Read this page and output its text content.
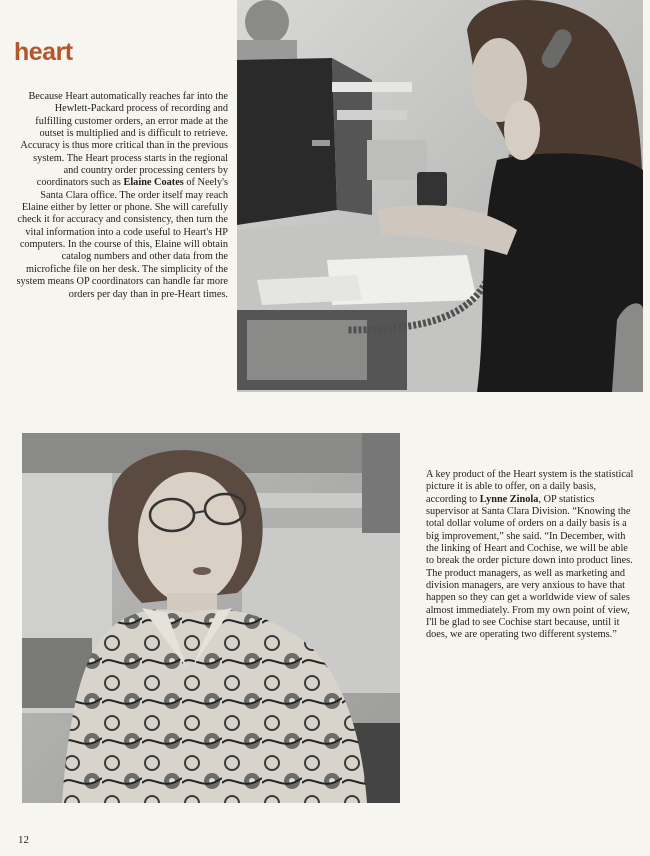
heart

Because Heart automatically reaches far into the Hewlett-Packard process of recording and fulfilling customer orders, an error made at the outset is multiplied and is difficult to retrieve. Accuracy is thus more critical than in the previous system. The Heart process starts in the regional and country order processing centers by coordinators such as Elaine Coates of Neely's Santa Clara office. The order itself may reach Elaine either by letter or phone. She will carefully check it for accuracy and consistency, then turn the vital information into a code useful to Heart's HP computers. In the course of this, Elaine will obtain catalog numbers and other data from the microfiche file on her desk. The simplicity of the system means OP coordinators can handle far more orders per day than in pre-Heart times.

A key product of the Heart system is the statistical picture it is able to offer, on a daily basis, according to Lynne Zinola, OP statistics supervisor at Santa Clara Division. “Knowing the total dollar volume of orders on a daily basis is a big improvement,” she said. “In December, with the linking of Heart and Cochise, we will be able to break the order picture down into product lines. The product managers, as well as marketing and division managers, are very anxious to have that happen so they can get a worldwide view of sales almost immediately. From my own point of view, I'll be glad to see Cochise start because, until it does, we are operating two different systems.”

12
